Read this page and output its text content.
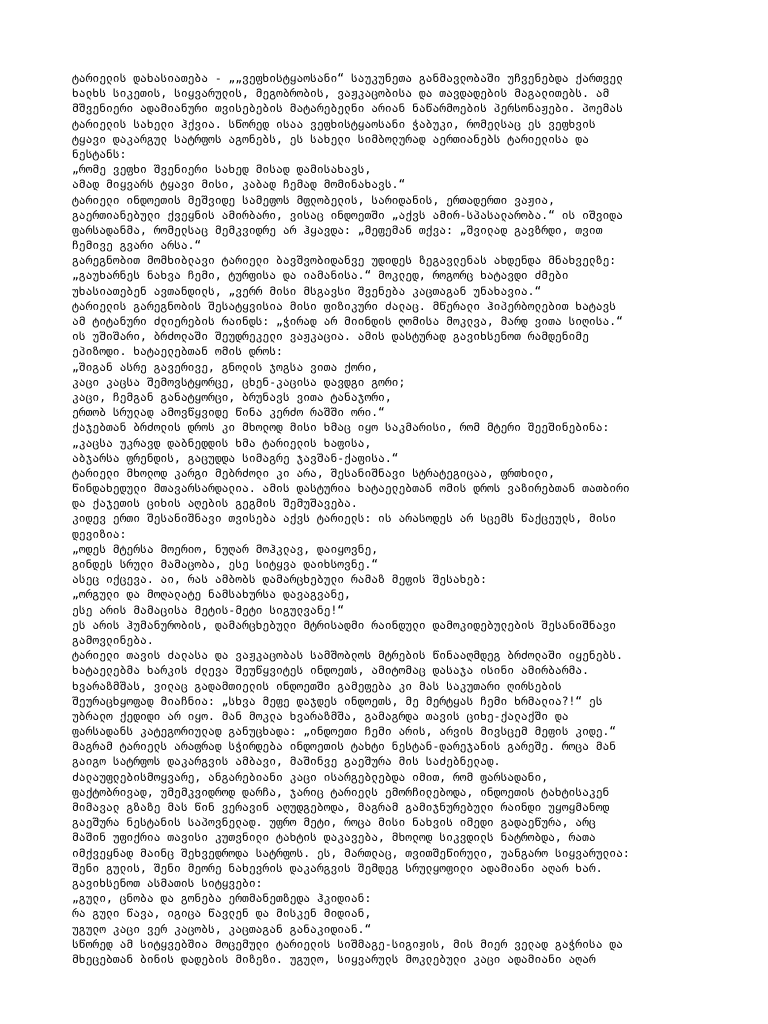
ტარიელის დახასიათება - „„ვეფხისტყაოსანი“ საუკუნეთა განმავლობაში უჩვენებდა ქართველ
ხალხს სიკეთის, სიყვარულის, მეგობრობის, ვაჟკაცობისა და თავდადების მაგალითებს. ამ
მშვენიერი ადამიანური თვისებების მატარებელნი არიან ნაწარმოების პერსონაჟები. პოემას
ტარიელის სახელი ჰქვია. სწორედ ისაა ვეფხისტყაოსანი ჭაბუკი, რომელსაც ეს ვეფხვის
ტყავი დაკარგულ სატრფოს აგონებს, ეს სახელი სიმბოლურად აერთიანებს ტარიელისა და
ნესტანს:
„რომე ვეფხი შვენიერი სახედ მისად დამისახავს,
ამად მიყვარს ტყავი მისი, კაბად ჩემად მომინახავს.“
ტარიელი ინდოეთის მეშვიდე სამეფოს მფლობელის, სარიდანის, ერთადერთი ვაჟია,
გაერთიანებული ქვეყნის ამირბარი, ვისაც ინდოეთში „აქვს ამირ-სპასალარობა.“ ის იშვიდა
ფარსადანმა, რომელსაც მემკვიდრე არ ჰყავდა: „მეფემან თქვა: „შვილად გავზრდი, თვით
ჩემივე გვარი არსა.“
გარეგნობით მომხიბლავი ტარიელი ბავშვობიდანვე უდიდეს ზეგავლენას ახდენდა მნახველზე:
„გაუხარნეს ნახვა ჩემი, ტურფისა და იამანისა.“ მოკლედ, როგორც ხატავდი ძმები
უხასიათებენ ავთანდილს, „ვერრ მისი მსგავსი შვენება კაცთაგან უნახავია.“
ტარიელის გარეგნობის შესატყვისია მისი ფიზიკური ძალაც. მწერალი ჰიპერბოლებით ხატავს
ამ ტიტანური ძლიერების რაინდს: „ჭირად არ მიინდის ღომისა მოკლვა, მარდ ვითა სიღისა.“
ის უშიშარი, ბრძოლაში შეუდრეკელი ვაჟკაცია. ამის დასტურად გავიხსენოთ რამდენიმე
ეპიზოდი. ხატაელებთან ომის დროს:
„შიგან ასრე გავერივე, გნოლის ჯოგსა ვითა ქორი,
კაცი კაცსა შემოვსტყორცე, ცხენ-კაცისა დავდგი გორი;
კაცი, ჩემგან განატყორცი, ბრუნავს ვითა ტანაჯორი,
ერთობ სრულად ამოვწყვიდე წინა კერძო რაშში ორი.“
ქაჯებთან ბრძოლის დროს კი მხოლოდ მისი ხმაც იყო საკმარისი, რომ მტერი შეეშინებინა:
„კაცსა უკრავდ დაბნედდის ხმა ტარიელის ხაფისა,
აბჯარსა ფრენდის, გაცუდდა სიმაგრე ჯავშან-ქაფისა.“
ტარიელი მხოლოდ კარგი მებრძოლი კი არა, შესანიშნავი სტრატეგიცაა, ფრთხილი,
წინდახედული მთავარსარდალია. ამის დასტურია ხატაელებთან ომის დროს ვაზირებთან თათბირი
და ქაჯეთის ციხის აღების გეგმის შემუშავება.
კიდევ ერთი შესანიშნავი თვისება აქვს ტარიელს: ის არასოდეს არ სცემს წაქცეულს, მისი
დევიზია:
„ოდეს მტერსა მოერიო, ნუღარ მოჰკლავ, დაიყოვნე,
გინდეს სრული მამაცობა, ესე სიტყვა დაიხსოვნე.“
ასეც იქცევა. აი, რას ამბობს დამარცხებული რამაზ მეფის შესახებ:
„ორგული და მოღალატე ნამსახურსა დავაგვანე,
ესე არის მამაცისა მეტის-მეტი სიგულვანე!“
ეს არის ჰუმანურობის, დამარცხებული მტრისადმი რაინდული დამოკიდებულების შესანიშნავი
გამოვლინება.
ტარიელი თავის ძალასა და ვაჟკაცობას სამშობლოს მტრების წინააღმდეგ ბრძოლაში იყენებს.
ხატაელებმა ხარკის ძლევა შეუწყვიტეს ინდოეთს, ამიტომაც დასაჯა ისინი ამირბარმა.
ხვარაზმშას, ვილაც გადამთიელის ინდოეთში გამეფება კი მას საკუთარი ღირსების
შეურაცხყოფად მიაჩნია: „სხვა მეფე დაჯდეს ინდოეთს, მე მერტყას ჩემი ხრმალია?!“ ეს
უბრალო ქედიდი არ იყო. მან მოკლა ხვარაზმშა, გამაგრდა თავის ციხე-ქალაქში და
ფარსადანს კატეგორიულად განუცხადა: „ინდოეთი ჩემი არის, არვის მივსცემ მეფის კიდე.“
მაგრამ ტარიელს არაფრად სჭირდება ინდოეთის ტახტი ნესტან-დარეჯანის გარეშე. როცა მან
გაიგო სატრფოს დაკარგვის ამბავი, მაშინვე გაეშურა მის საძებნელად.
ძალაუფლებისმოყვარე, ანგარებიანი კაცი ისარგებლებდა იმით, რომ ფარსადანი,
ფაქტობრივად, უმემკვიდროდ დარჩა, ჯარიც ტარიელს ემორჩილებოდა, ინდოეთის ტახტისაკენ
მიმავალ გზაზე მას წინ ვერავინ აღუდგებოდა, მაგრამ გამიჯნურებული რაინდი უყოყმანოდ
გაეშურა ნესტანის საპოვნელად. უფრო მეტი, როცა მისი ნახვის იმედი გადაეწურა, არც
მაშინ უფიქრია თავისი კუთვნილი ტახტის დაკავება, მხოლოდ სიკვდილს ნატრობდა, რათა
იმქვეყნად მაინც შეხვედროდა სატრფოს. ეს, მართლაც, თვითშეწირული, უანგარო სიყვარულია:
შენი გულის, შენი მეორე ნახევრის დაკარგვის შემდეგ სრულყოფილი ადამიანი აღარ ხარ.
გავიხსენოთ ასმათის სიტყვები:
„გული, ცნობა და გონება ერთმანეთზედა ჰკიდიან:
რა გული წავა, იგიცა წავლენ და მისკენ მიდიან,
უგულო კაცი ვერ კაცობს, კაცთაგან განაკიდიან.“
სწორედ ამ სიტყვებშია მოცემული ტარიელის სიშმაგე-სიგიჟის, მის მიერ ველად გაჭრისა და
მხეცებთან ბინის დადების მიზეზი. უგულო, სიყვარულს მოკლებული კაცი ადამიანი აღარ
